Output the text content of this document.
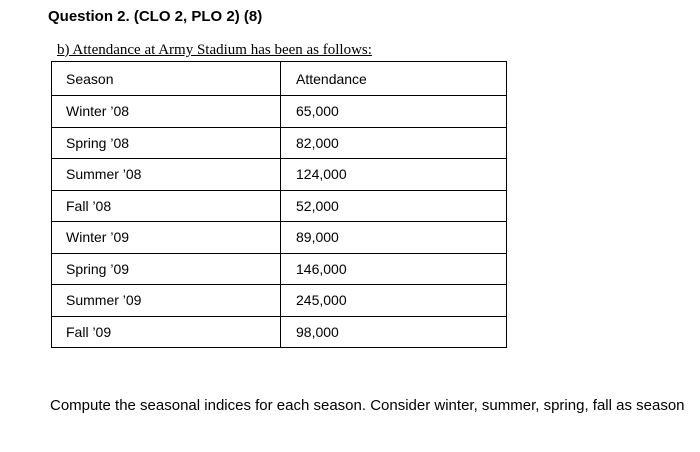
Question 2. (CLO 2, PLO 2) (8)
b) Attendance at Army Stadium has been as follows:
Season	Attendance
Winter ’08	65,000
Spring ’08	82,000
Summer ’08	124,000
Fall ’08	52,000
Winter ’09	89,000
Spring ’09	146,000
Summer ’09	245,000
Fall ’09	98,000
Compute the seasonal indices for each season. Consider winter, summer, spring, fall as season
